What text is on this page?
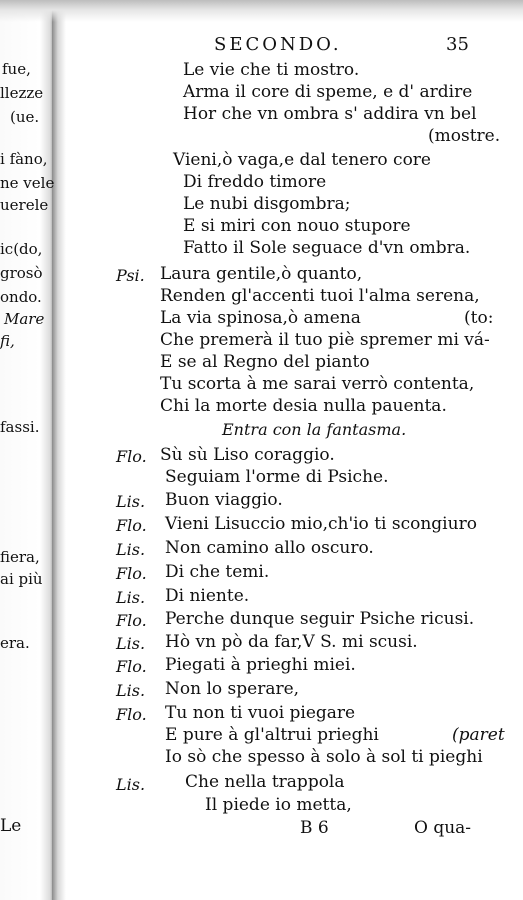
fue,
llezze
(ue.
i fàno,
ne vele
uerele
ic(do,
grosò
ondo.
Mare
fi,
fassi.
fiera,
ai più
era.
Le
SECONDO.	35
Le vie che ti mostro.
Arma il core di speme, e d' ardire
Hor che vn ombra s' addira vn bel
(mostre.
Vieni,ò vaga,e dal tenero core
Di freddo timore
Le nubi disgombra;
E si miri con nouo stupore
Fatto il Sole seguace d'vn ombra.
Psi. Laura gentile,ò quanto,
Renden gl'accenti tuoi l'alma serena,
La via spinosa,ò amena	(to:
Che premerà il tuo piè spremer mi vá-
E se al Regno del pianto
Tu scorta à me sarai verrò contenta,
Chi la morte desia nulla pauenta.
Entra con la fantasma.
Flo. Sù sù Liso coraggio.
Seguiam l'orme di Psiche.
Lis. Buon viaggio.
Flo. Vieni Lisuccio mio,ch'io ti scongiuro
Lis. Non camino allo oscuro.
Flo. Di che temi.
Lis. Di niente.
Flo. Perche dunque seguir Psiche ricusi.
Lis. Hò vn pò da far,V S. mi scusi.
Flo. Piegati à prieghi miei.
Lis. Non lo sperare,
Flo. Tu non ti vuoi piegare
E pure à gl'altrui prieghi	(paret
Io sò che spesso à solo à sol ti pieghi
Lis. Che nella trappola
Il piede io metta,
B 6	O qua-
